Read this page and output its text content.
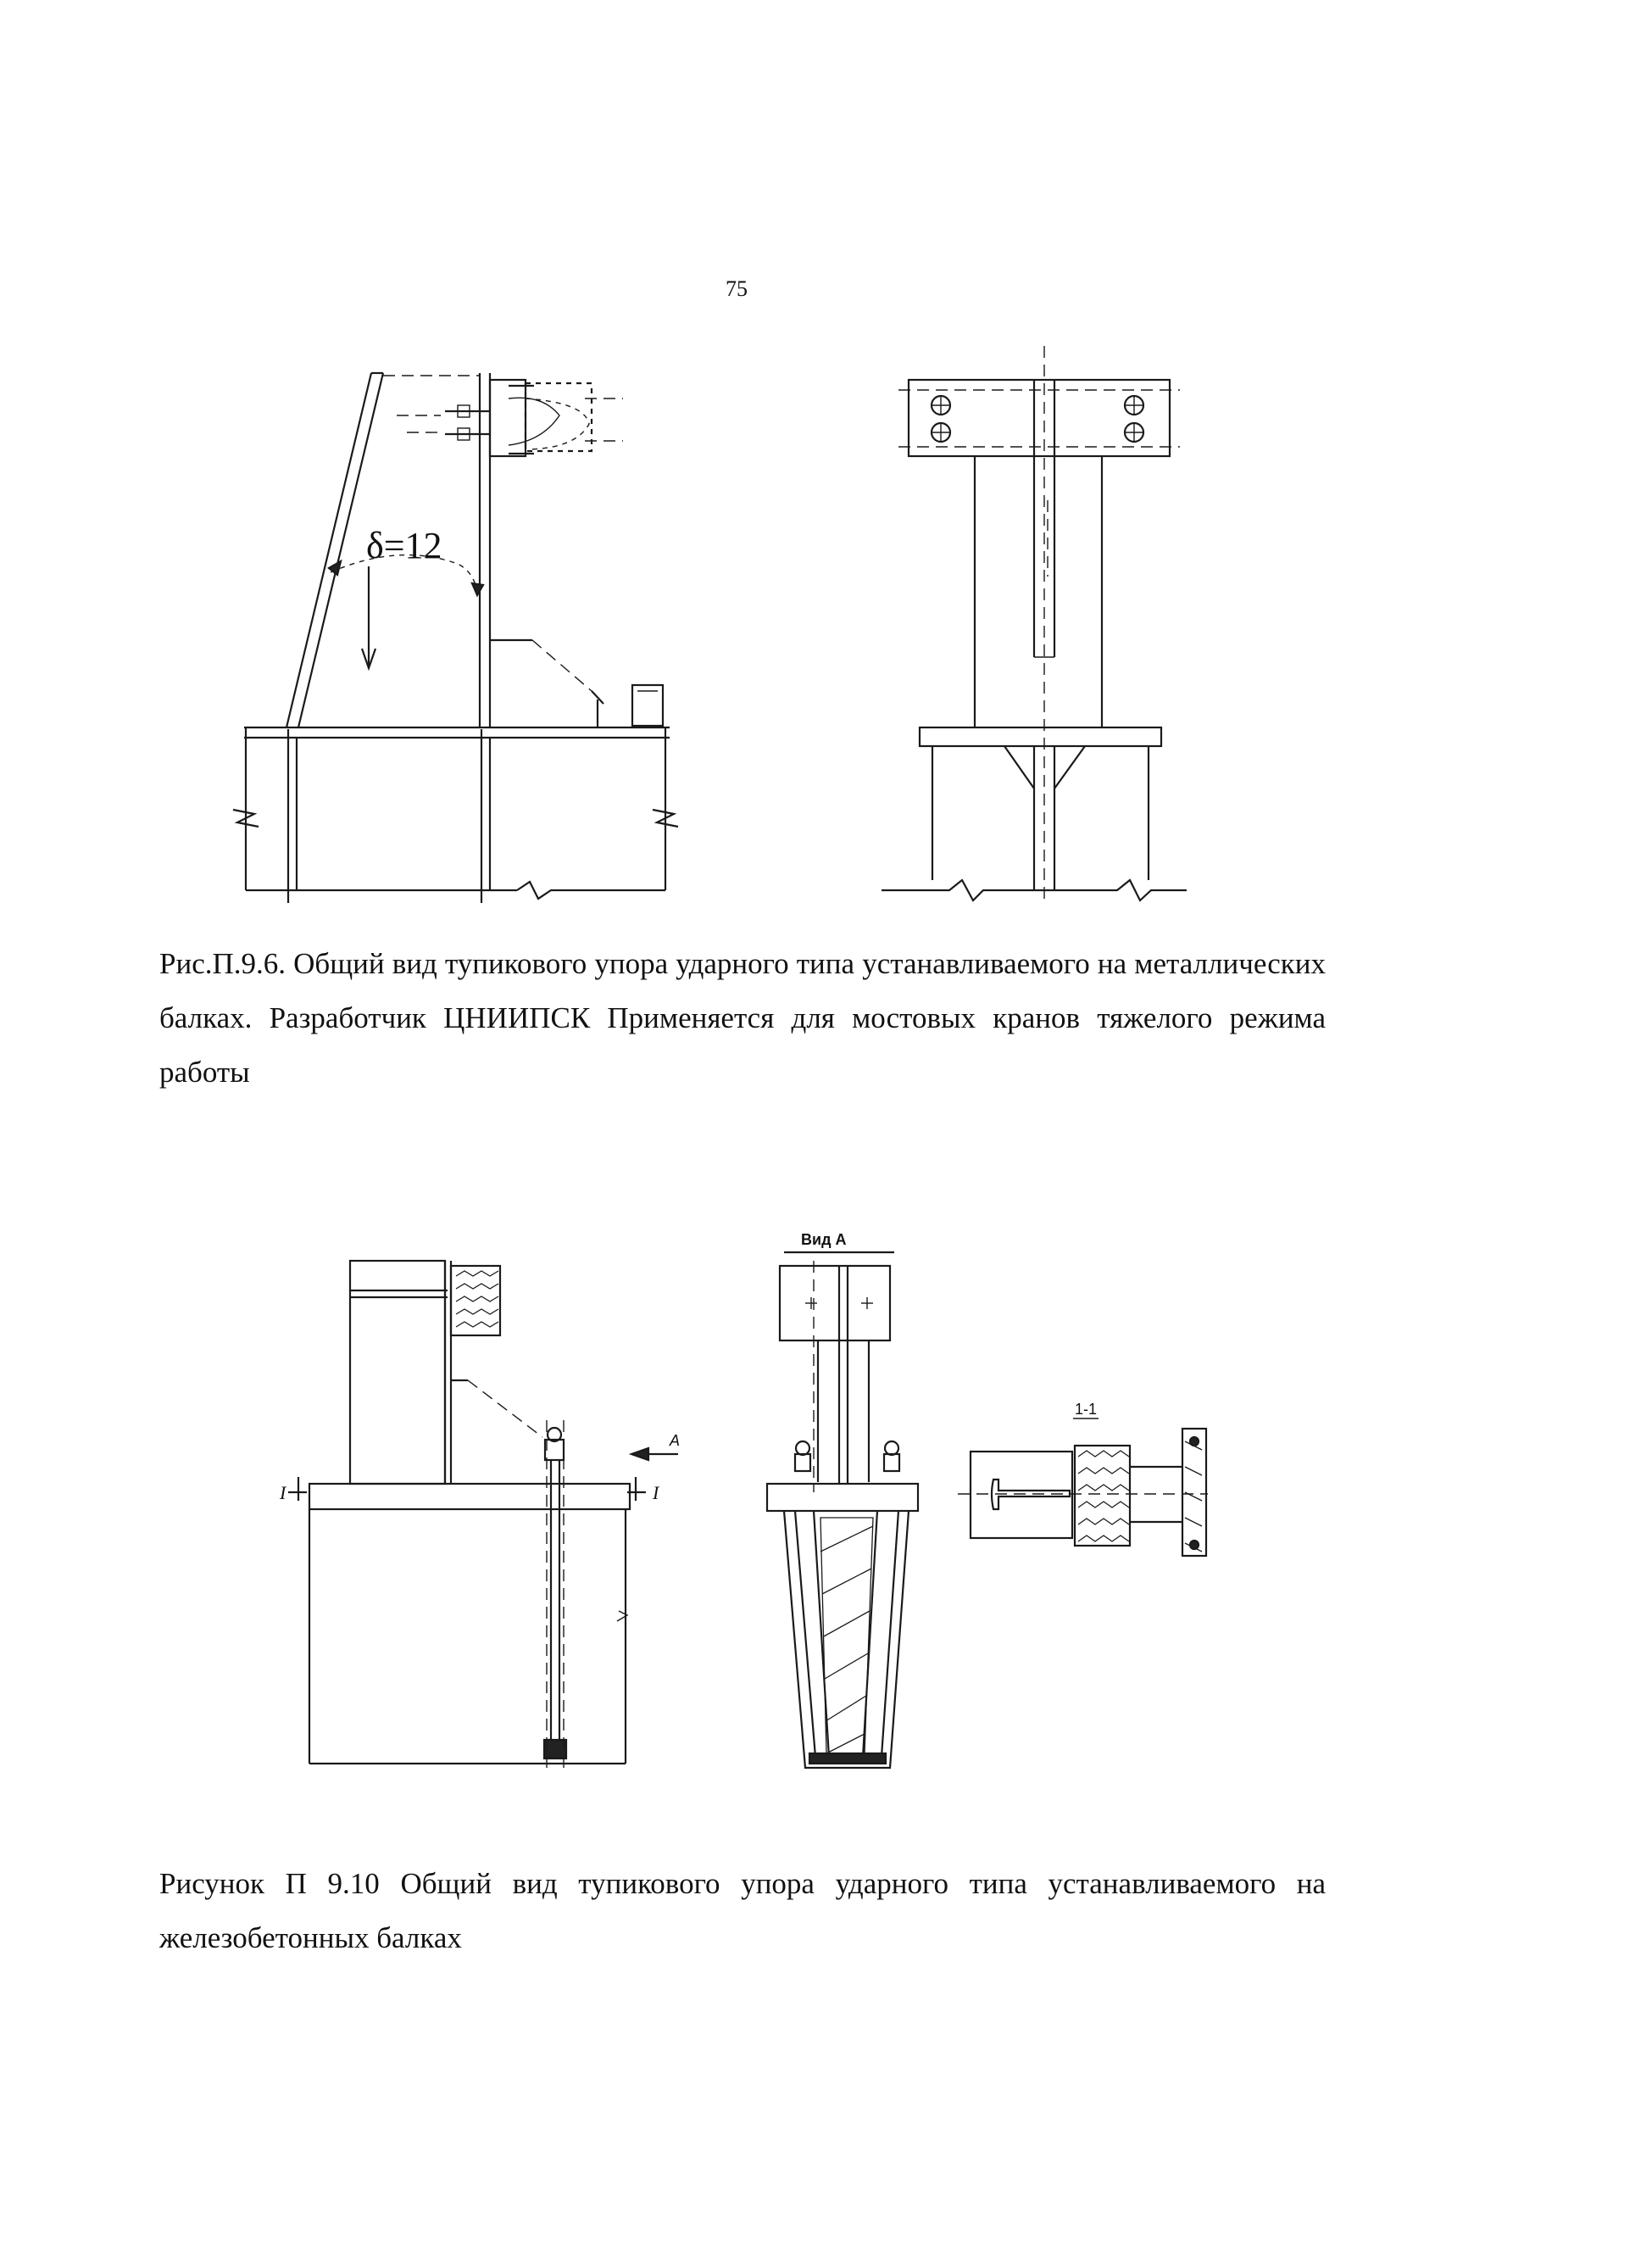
75
δ=12
I	I
А
Вид А
1-1
Рис.П.9.6. Общий вид тупикового упора ударного типа устанавливаемого на металлических балках. Разработчик ЦНИИПСК Применяется для мостовых кранов тяжелого режима работы
Рисунок П 9.10 Общий вид тупикового упора ударного типа устанавливаемого на железобетонных балках
